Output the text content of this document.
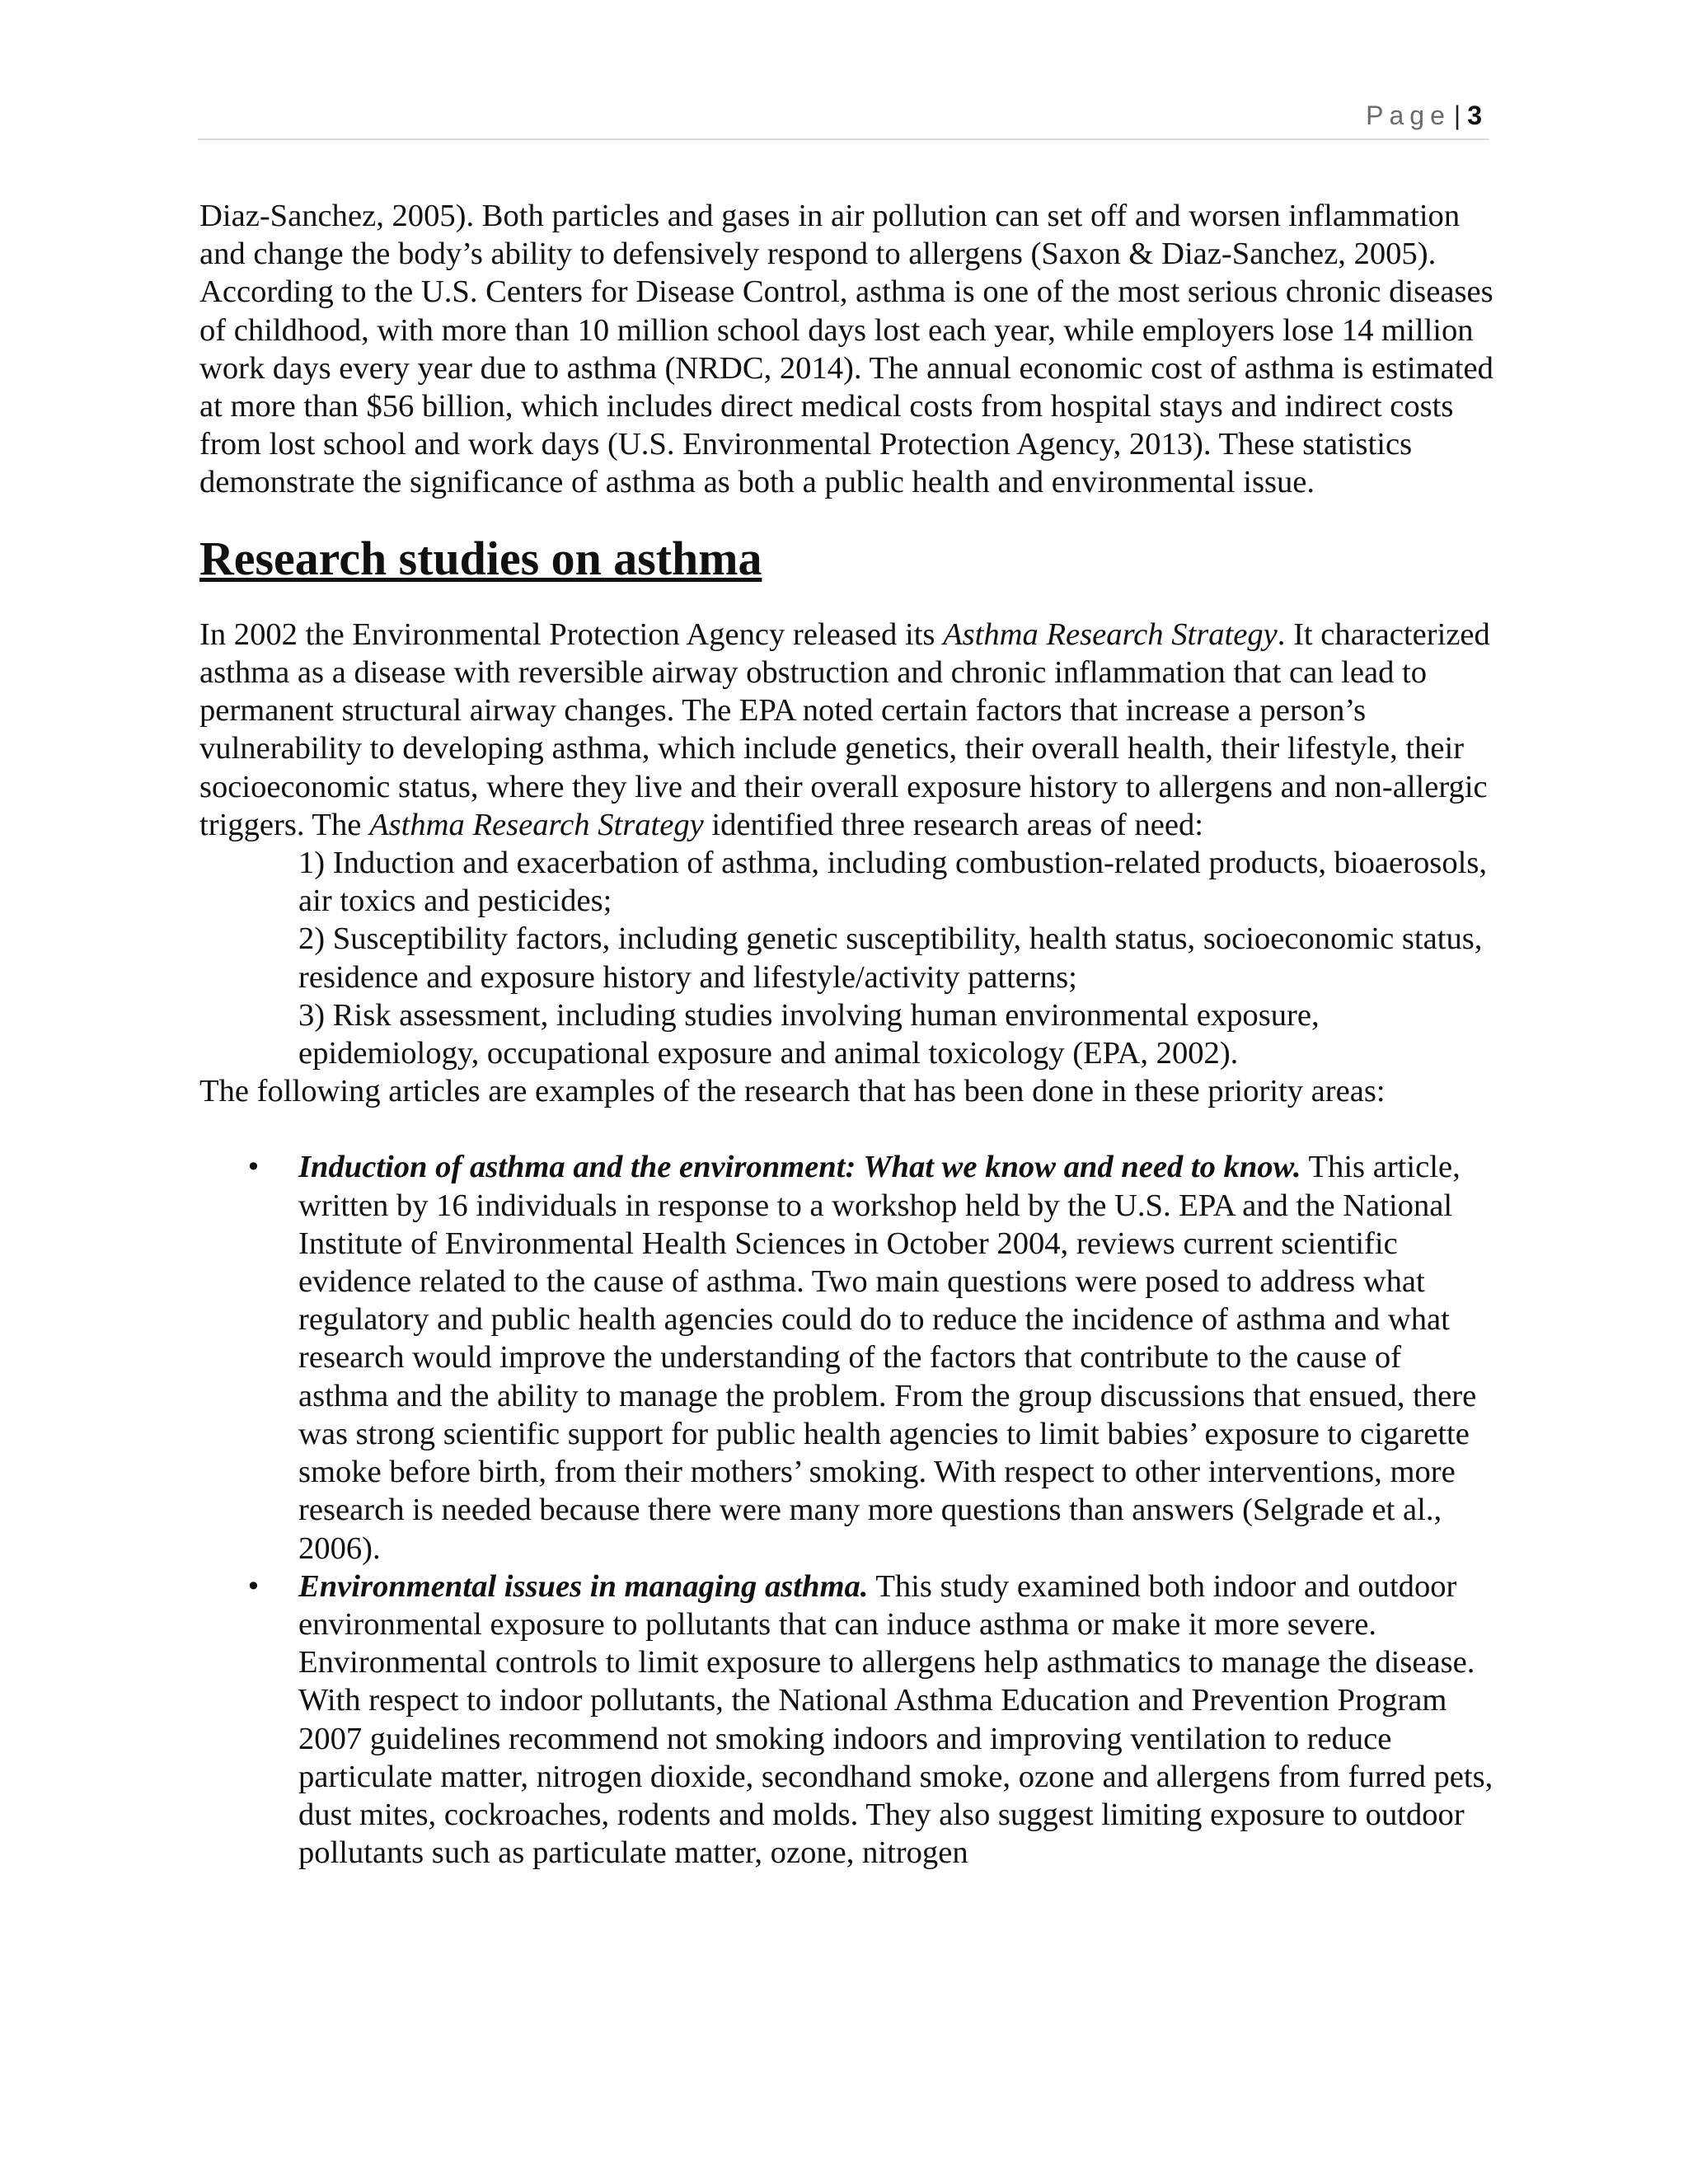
Page | 3

Diaz-Sanchez, 2005). Both particles and gases in air pollution can set off and worsen inflammation and change the body’s ability to defensively respond to allergens (Saxon & Diaz-Sanchez, 2005). According to the U.S. Centers for Disease Control, asthma is one of the most serious chronic diseases of childhood, with more than 10 million school days lost each year, while employers lose 14 million work days every year due to asthma (NRDC, 2014). The annual economic cost of asthma is estimated at more than $56 billion, which includes direct medical costs from hospital stays and indirect costs from lost school and work days (U.S. Environmental Protection Agency, 2013). These statistics demonstrate the significance of asthma as both a public health and environmental issue.

Research studies on asthma

In 2002 the Environmental Protection Agency released its Asthma Research Strategy. It characterized asthma as a disease with reversible airway obstruction and chronic inflammation that can lead to permanent structural airway changes. The EPA noted certain factors that increase a person’s vulnerability to developing asthma, which include genetics, their overall health, their lifestyle, their socioeconomic status, where they live and their overall exposure history to allergens and non-allergic triggers. The Asthma Research Strategy identified three research areas of need:

1) Induction and exacerbation of asthma, including combustion-related products, bioaerosols, air toxics and pesticides;
2) Susceptibility factors, including genetic susceptibility, health status, socioeconomic status, residence and exposure history and lifestyle/activity patterns;
3) Risk assessment, including studies involving human environmental exposure, epidemiology, occupational exposure and animal toxicology (EPA, 2002).

The following articles are examples of the research that has been done in these priority areas:

• Induction of asthma and the environment: What we know and need to know. This article, written by 16 individuals in response to a workshop held by the U.S. EPA and the National Institute of Environmental Health Sciences in October 2004, reviews current scientific evidence related to the cause of asthma. Two main questions were posed to address what regulatory and public health agencies could do to reduce the incidence of asthma and what research would improve the understanding of the factors that contribute to the cause of asthma and the ability to manage the problem. From the group discussions that ensued, there was strong scientific support for public health agencies to limit babies’ exposure to cigarette smoke before birth, from their mothers’ smoking. With respect to other interventions, more research is needed because there were many more questions than answers (Selgrade et al., 2006).
• Environmental issues in managing asthma. This study examined both indoor and outdoor environmental exposure to pollutants that can induce asthma or make it more severe. Environmental controls to limit exposure to allergens help asthmatics to manage the disease. With respect to indoor pollutants, the National Asthma Education and Prevention Program 2007 guidelines recommend not smoking indoors and improving ventilation to reduce particulate matter, nitrogen dioxide, secondhand smoke, ozone and allergens from furred pets, dust mites, cockroaches, rodents and molds. They also suggest limiting exposure to outdoor pollutants such as particulate matter, ozone, nitrogen
